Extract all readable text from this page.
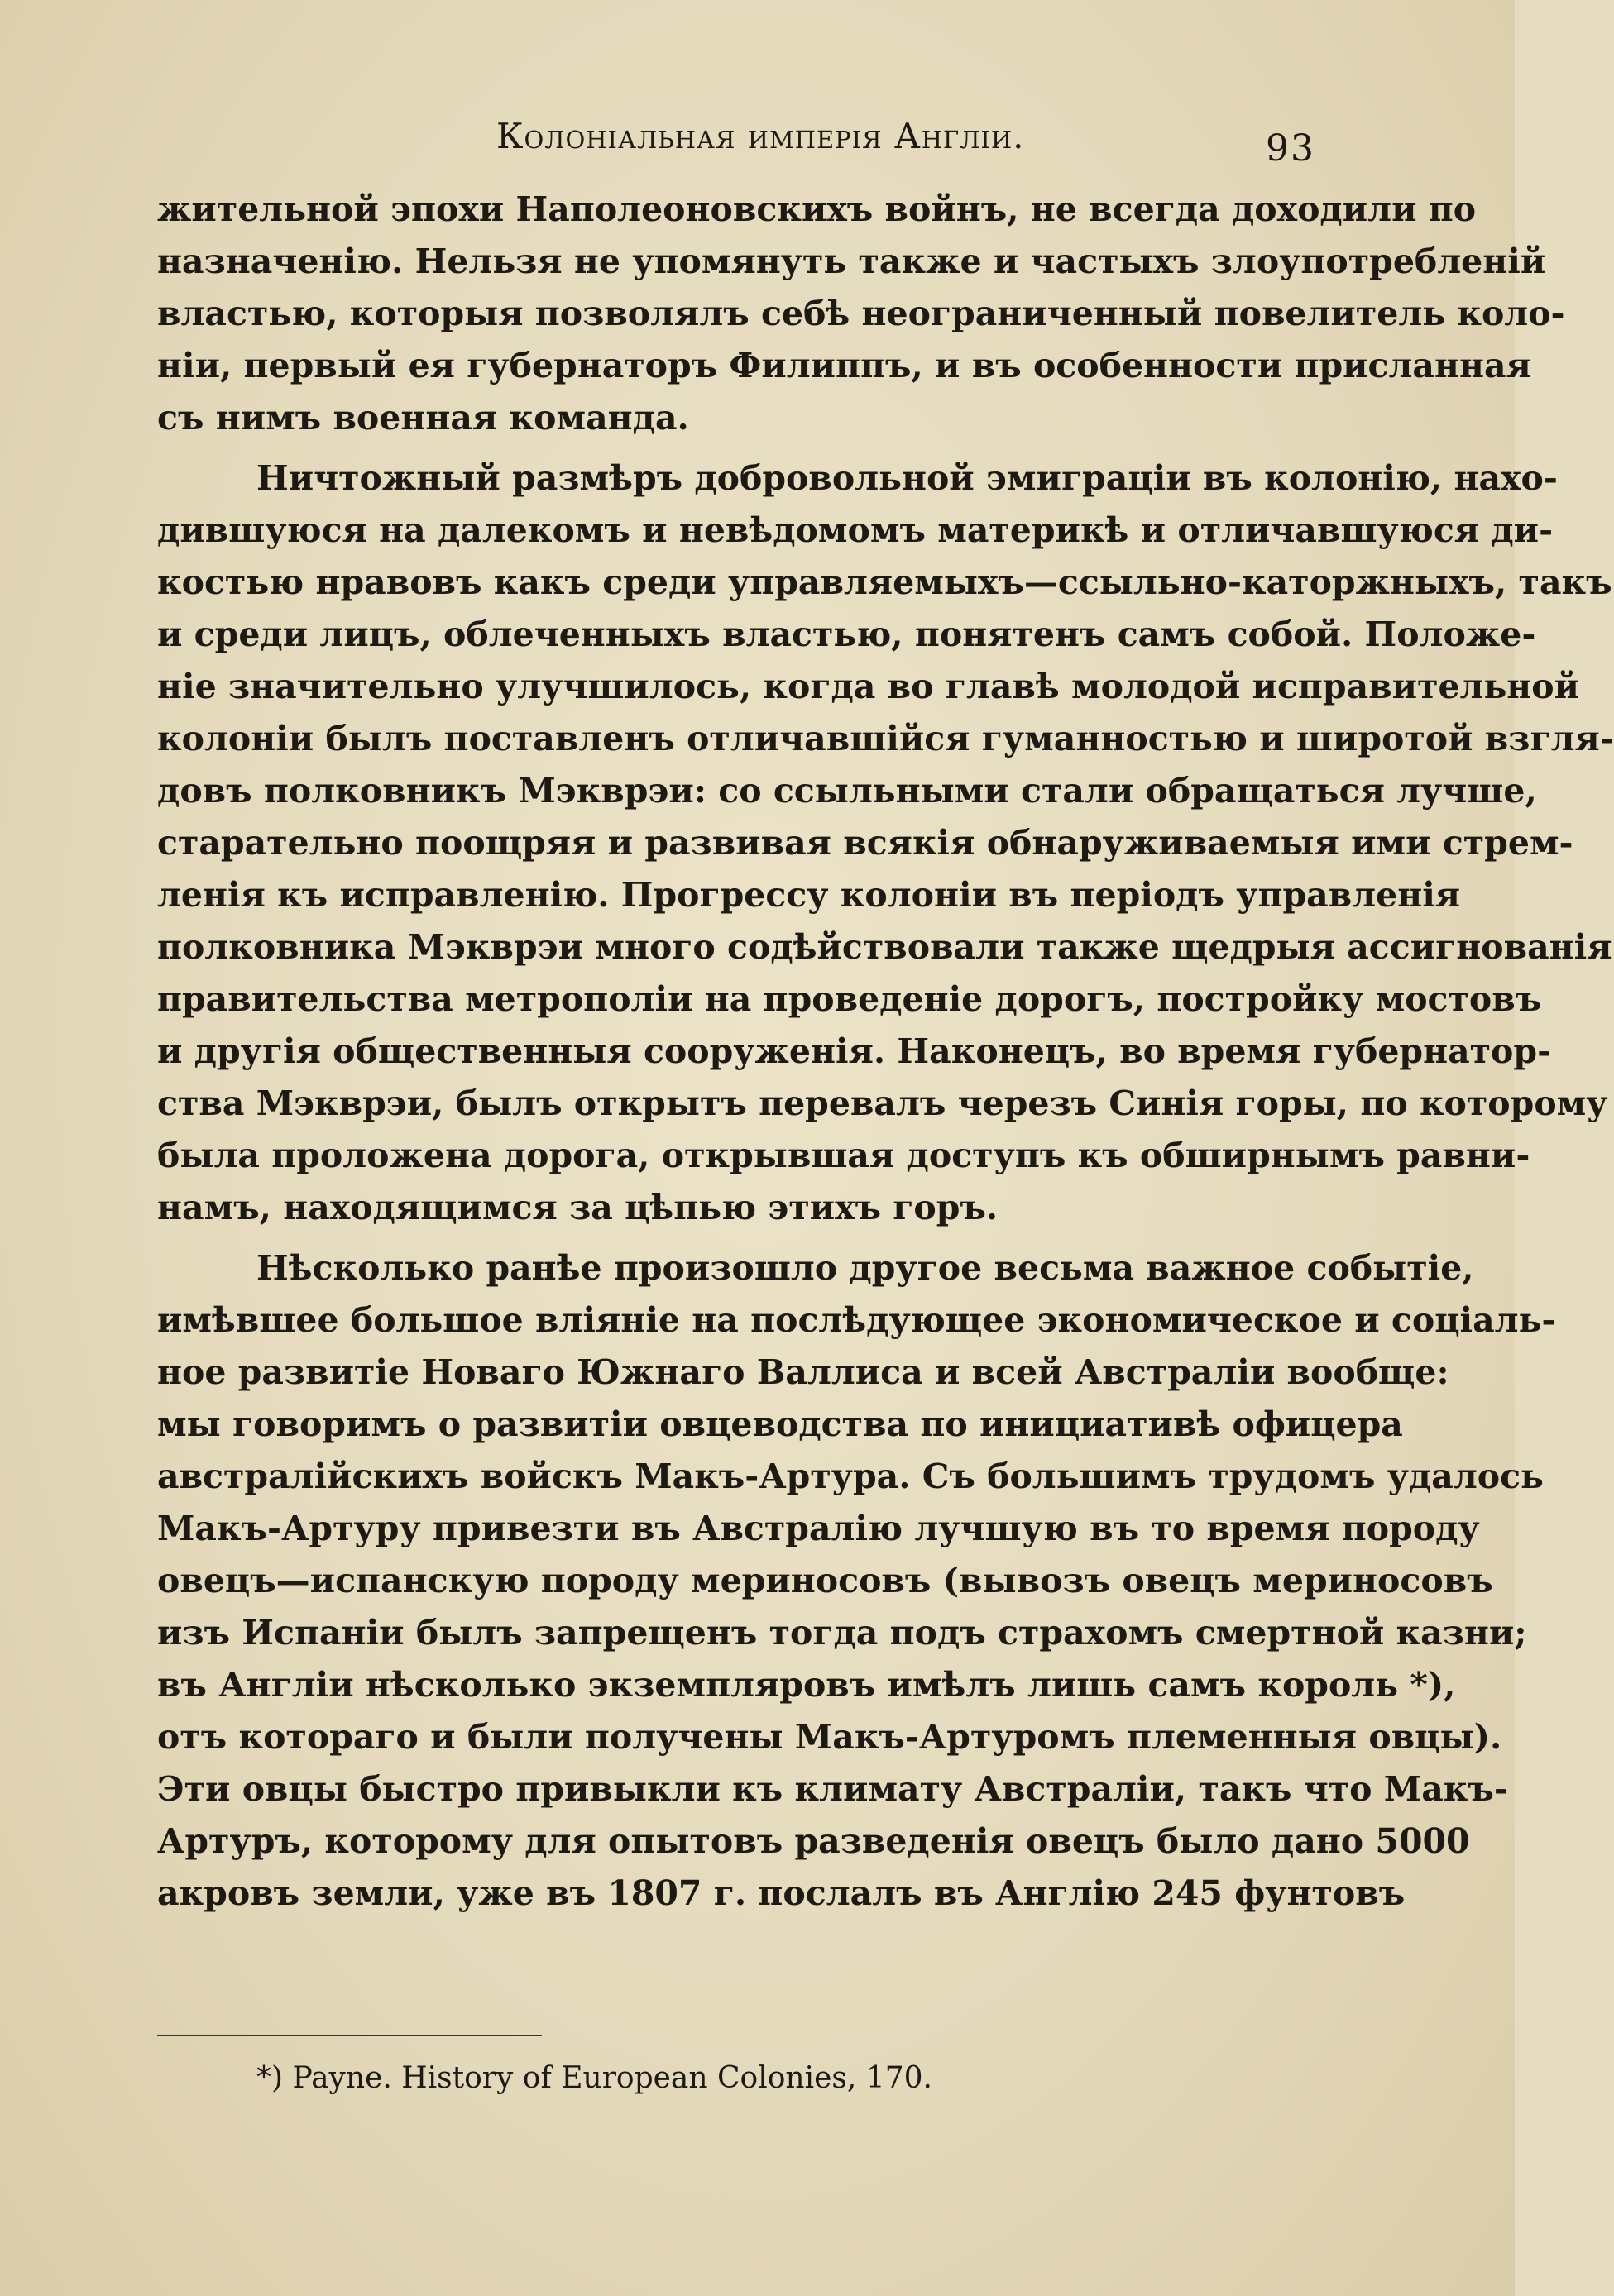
Колоніальная имперія Англіи.	93
жительной эпохи Наполеоновскихъ войнъ, не всегда доходили по
назначенію. Нельзя не упомянуть также и частыхъ злоупотребленій
властью, которыя позволялъ себѣ неограниченный повелитель коло-
ніи, первый ея губернаторъ Филиппъ, и въ особенности присланная
съ нимъ военная команда.
Ничтожный размѣръ добровольной эмиграціи въ колонію, нахо-
дившуюся на далекомъ и невѣдомомъ материкѣ и отличавшуюся ди-
костью нравовъ какъ среди управляемыхъ—ссыльно-каторжныхъ, такъ
и среди лицъ, облеченныхъ властью, понятенъ самъ собой. Положе-
ніе значительно улучшилось, когда во главѣ молодой исправительной
колоніи былъ поставленъ отличавшійся гуманностью и широтой взгля-
довъ полковникъ Мэкврэи: со ссыльными стали обращаться лучше,
старательно поощряя и развивая всякія обнаруживаемыя ими стрем-
ленія къ исправленію. Прогрессу колоніи въ періодъ управленія
полковника Мэкврэи много содѣйствовали также щедрыя ассигнованія
правительства метрополіи на проведеніе дорогъ, постройку мостовъ
и другія общественныя сооруженія. Наконецъ, во время губернатор-
ства Мэкврэи, былъ открытъ перевалъ черезъ Синія горы, по которому
была проложена дорога, открывшая доступъ къ обширнымъ равни-
намъ, находящимся за цѣпью этихъ горъ.
Нѣсколько ранѣе произошло другое весьма важное событіе,
имѣвшее большое вліяніе на послѣдующее экономическое и соціаль-
ное развитіе Новаго Южнаго Валлиса и всей Австраліи вообще:
мы говоримъ о развитіи овцеводства по инициативѣ офицера
австралійскихъ войскъ Макъ-Артура. Съ большимъ трудомъ удалось
Макъ-Артуру привезти въ Австралію лучшую въ то время породу
овецъ—испанскую породу мериносовъ (вывозъ овецъ мериносовъ
изъ Испаніи былъ запрещенъ тогда подъ страхомъ смертной казни;
въ Англіи нѣсколько экземпляровъ имѣлъ лишь самъ король *),
отъ котораго и были получены Макъ-Артуромъ племенныя овцы).
Эти овцы быстро привыкли къ климату Австраліи, такъ что Макъ-
Артуръ, которому для опытовъ разведенія овецъ было дано 5000
акровъ земли, уже въ 1807 г. послалъ въ Англію 245 фунтовъ
*) Payne. History of European Colonies, 170.
